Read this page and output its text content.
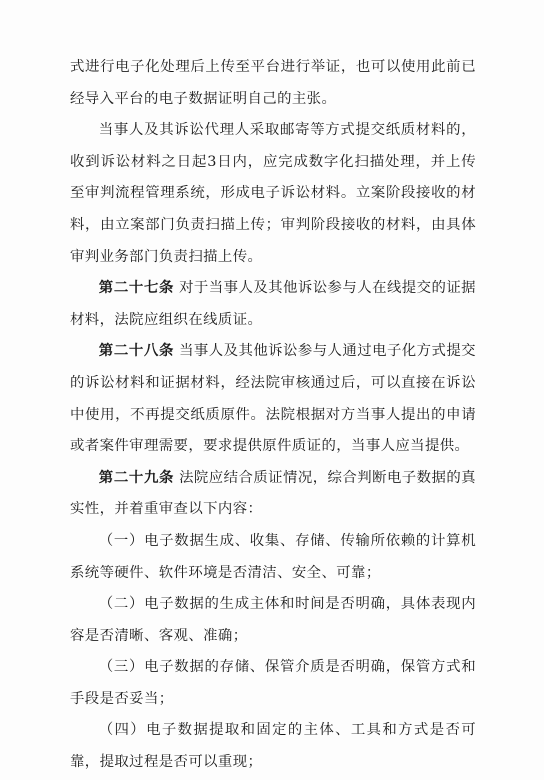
式进行电子化处理后上传至平台进行举证，也可以使用此前已经导入平台的电子数据证明自己的主张。

当事人及其诉讼代理人采取邮寄等方式提交纸质材料的，收到诉讼材料之日起3日内，应完成数字化扫描处理，并上传至审判流程管理系统，形成电子诉讼材料。立案阶段接收的材料，由立案部门负责扫描上传；审判阶段接收的材料，由具体审判业务部门负责扫描上传。

第二十七条 对于当事人及其他诉讼参与人在线提交的证据材料，法院应组织在线质证。

第二十八条 当事人及其他诉讼参与人通过电子化方式提交的诉讼材料和证据材料，经法院审核通过后，可以直接在诉讼中使用，不再提交纸质原件。法院根据对方当事人提出的申请或者案件审理需要，要求提供原件质证的，当事人应当提供。

第二十九条 法院应结合质证情况，综合判断电子数据的真实性，并着重审查以下内容：

（一）电子数据生成、收集、存储、传输所依赖的计算机系统等硬件、软件环境是否清洁、安全、可靠；

（二）电子数据的生成主体和时间是否明确，具体表现内容是否清晰、客观、准确；

（三）电子数据的存储、保管介质是否明确，保管方式和手段是否妥当；

（四）电子数据提取和固定的主体、工具和方式是否可靠，提取过程是否可以重现；
